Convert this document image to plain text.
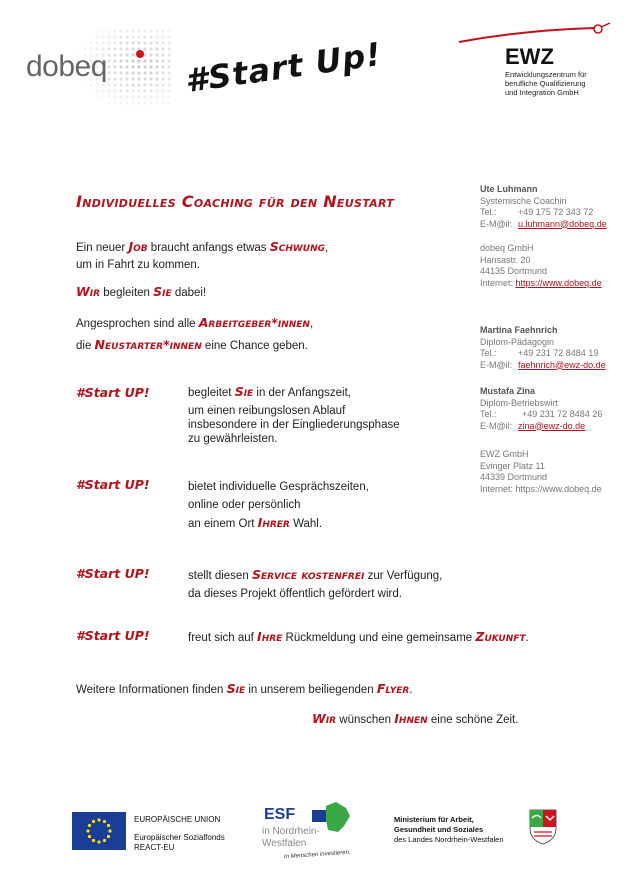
dobeq #Start Up!	EWZ
Entwicklungszentrum für
berufliche Qualifizierung
und Integration GmbH
Individuelles Coaching für den Neustart
Ein neuer Job braucht anfangs etwas Schwung,
um in Fahrt zu kommen.
Wir begleiten Sie dabei!
Angesprochen sind alle Arbeitgeber*innen,
die Neustarter*innen eine Chance geben.
#Start UP!	begleitet Sie in der Anfangszeit,
um einen reibungslosen Ablauf
insbesondere in der Eingliederungsphase
zu gewährleisten.
#Start UP!	bietet individuelle Gesprächszeiten,
online oder persönlich
an einem Ort Ihrer Wahl.
#Start UP!	stellt diesen Service kostenfrei zur Verfügung,
da dieses Projekt öffentlich gefördert wird.
#Start UP!	freut sich auf Ihre Rückmeldung und eine gemeinsame Zukunft.
Weitere Informationen finden Sie in unserem beiliegenden Flyer.
Wir wünschen Ihnen eine schöne Zeit.
Ute Luhmann
Systemische Coachin
Tel.: +49 175 72 343 72
E-M@il: u.luhmann@dobeq.de
dobeq GmbH
Hansastr. 20
44135 Dortmund
Internet: https://www.dobeq.de
Martina Faehnrich
Diplom-Pädagogin
Tel.: +49 231 72 8484 19
E-M@il: faehnrich@ewz-do.de
Mustafa Zina
Diplom-Betriebswirt
Tel.:	+49 231 72 8484 26
E-M@il: zina@ewz-do.de
EWZ GmbH
Evinger Platz 11
44339 Dortmund
Internet: https://www.dobeq.de
EUROPÄISCHE UNION
Europäischer Sozialfonds
REACT-EU
ESF
in Nordrhein-
Westfalen
In Menschen investieren.
Ministerium für Arbeit,
Gesundheit und Soziales
des Landes Nordrhein-Westfalen
